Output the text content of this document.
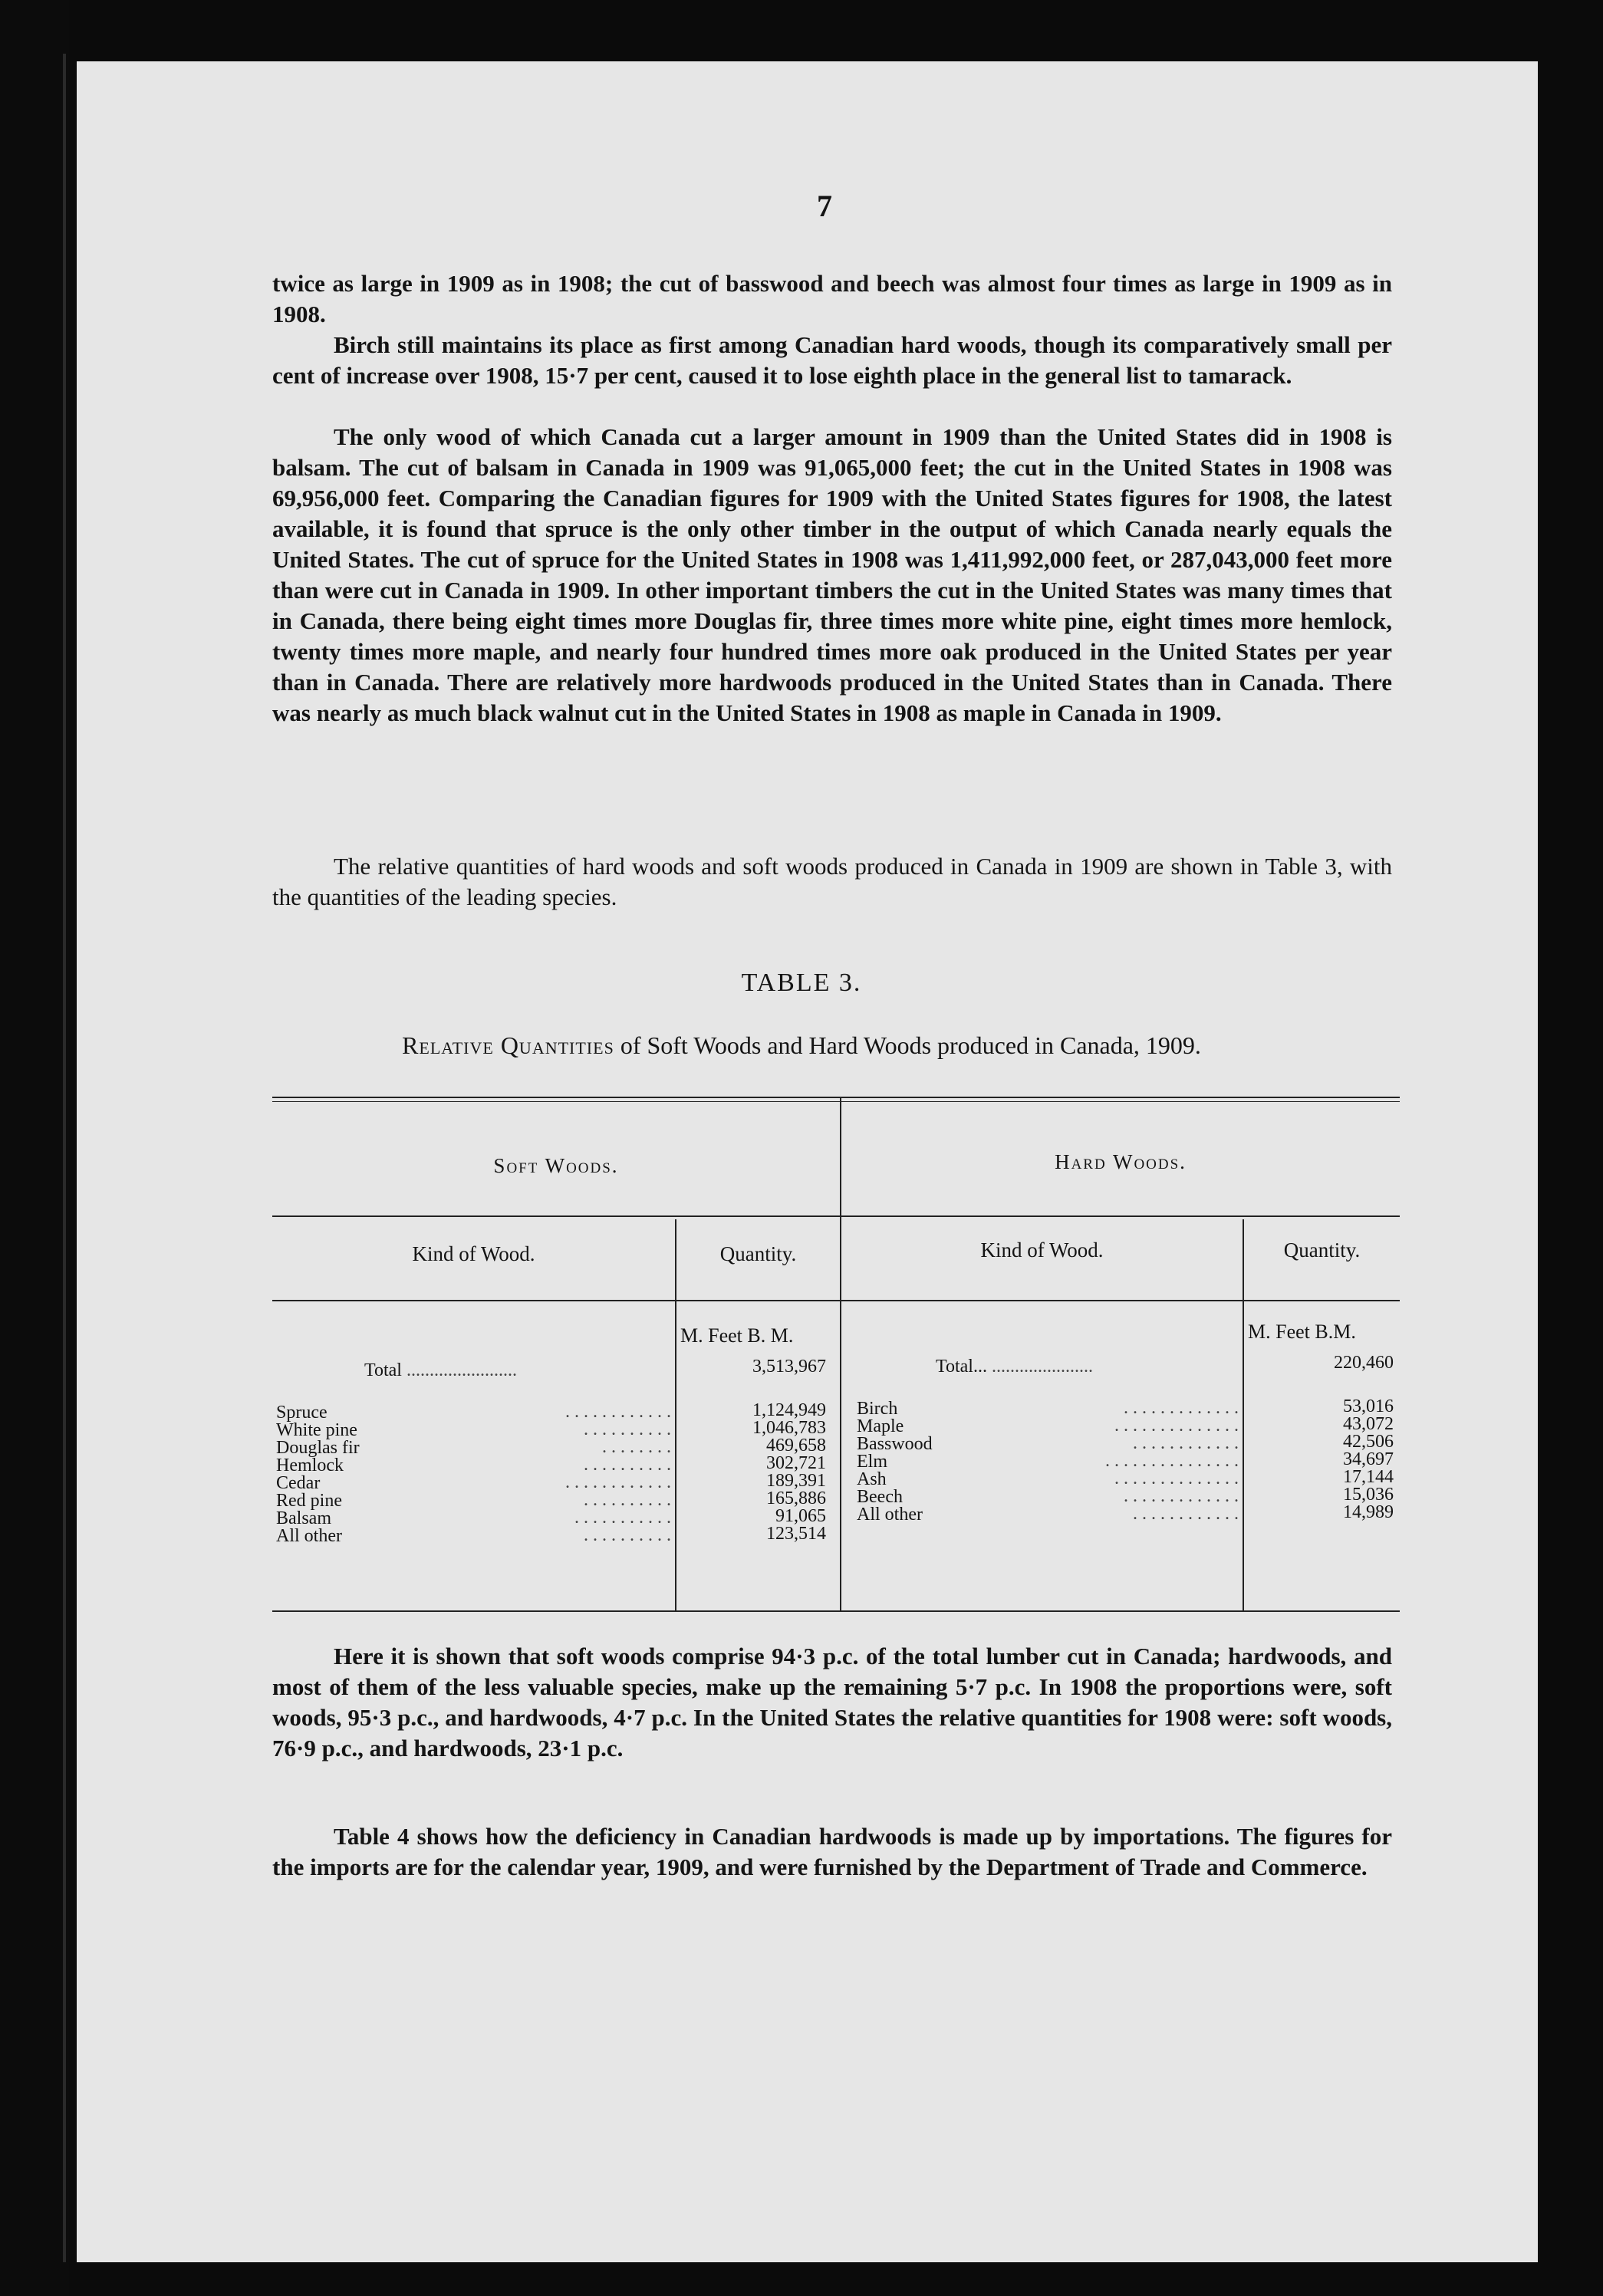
7

twice as large in 1909 as in 1908; the cut of basswood and beech was almost four times as large in 1909 as in 1908.

Birch still maintains its place as first among Canadian hard woods, though its comparatively small per cent of increase over 1908, 15·7 per cent, caused it to lose eighth place in the general list to tamarack.

The only wood of which Canada cut a larger amount in 1909 than the United States did in 1908 is balsam. The cut of balsam in Canada in 1909 was 91,065,000 feet; the cut in the United States in 1908 was 69,956,000 feet. Comparing the Canadian figures for 1909 with the United States figures for 1908, the latest available, it is found that spruce is the only other timber in the output of which Canada nearly equals the United States. The cut of spruce for the United States in 1908 was 1,411,992,000 feet, or 287,043,000 feet more than were cut in Canada in 1909. In other important timbers the cut in the United States was many times that in Canada, there being eight times more Douglas fir, three times more white pine, eight times more hemlock, twenty times more maple, and nearly four hundred times more oak produced in the United States per year than in Canada. There are relatively more hardwoods produced in the United States than in Canada. There was nearly as much black walnut cut in the United States in 1908 as maple in Canada in 1909.

The relative quantities of hard woods and soft woods produced in Canada in 1909 are shown in Table 3, with the quantities of the leading species.

TABLE 3.
Relative Quantities of Soft Woods and Hard Woods produced in Canada, 1909.
Soft Woods.	Hard Woods.
Kind of Wood.	Quantity.	Kind of Wood.	Quantity.
M. Feet B. M.	M. Feet B.M.
Total ........................	3,513,967	Total... ......................	220,460
Spruce	1,124,949
White pine	1,046,783
Douglas fir	469,658
Hemlock	302,721
Cedar	189,391
Red pine	165,886
Balsam	91,065
All other	123,514
. . . . . . . . . . . .
. . . . . . . . . .
. . . . . . . .
. . . . . . . . . .
. . . . . . . . . . . .
. . . . . . . . . .
. . . . . . . . . . .
. . . . . . . . . .
Birch	53,016
Maple	43,072
Basswood	42,506
Elm	34,697
Ash	17,144
Beech	15,036
All other	14,989
. . . . . . . . . . . . .
. . . . . . . . . . . . . .
. . . . . . . . . . . .
. . . . . . . . . . . . . . .
. . . . . . . . . . . . . .
. . . . . . . . . . . . .
. . . . . . . . . . . .

Here it is shown that soft woods comprise 94·3 p.c. of the total lumber cut in Canada; hardwoods, and most of them of the less valuable species, make up the remaining 5·7 p.c. In 1908 the proportions were, soft woods, 95·3 p.c., and hardwoods, 4·7 p.c. In the United States the relative quantities for 1908 were: soft woods, 76·9 p.c., and hardwoods, 23·1 p.c.

Table 4 shows how the deficiency in Canadian hardwoods is made up by importations. The figures for the imports are for the calendar year, 1909, and were furnished by the Department of Trade and Commerce.
